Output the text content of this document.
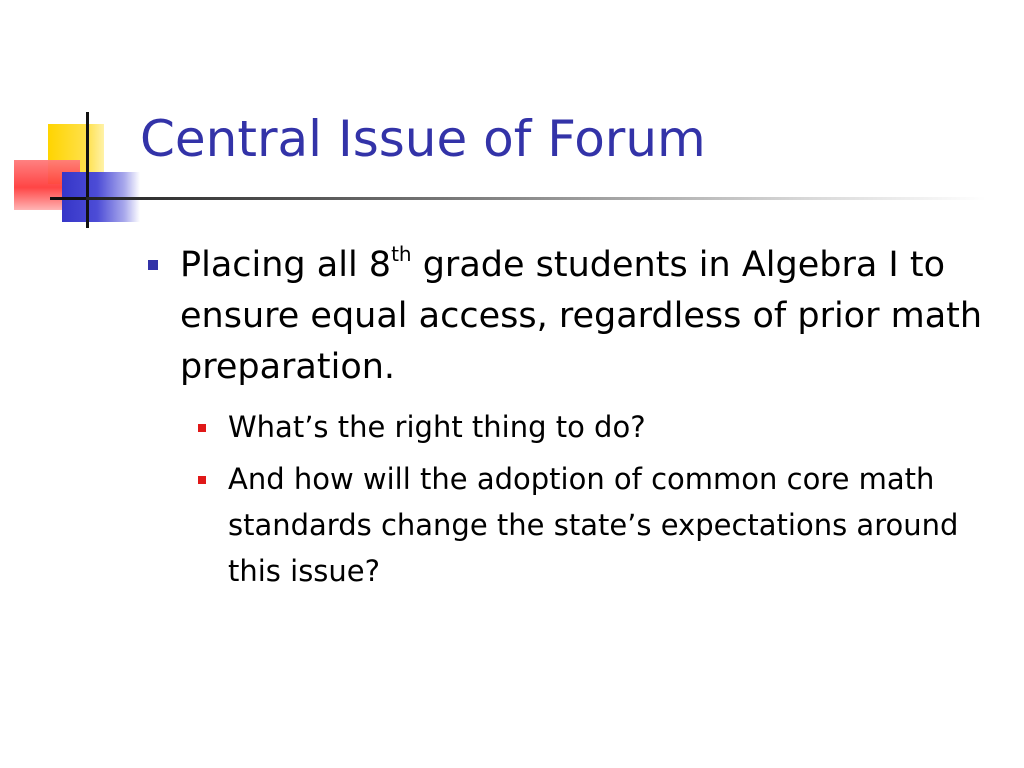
Central Issue of Forum
Placing all 8th grade students in Algebra I to ensure equal access, regardless of prior math preparation.
What’s the right thing to do?
And how will the adoption of common core math standards change the state’s expectations around this issue?
